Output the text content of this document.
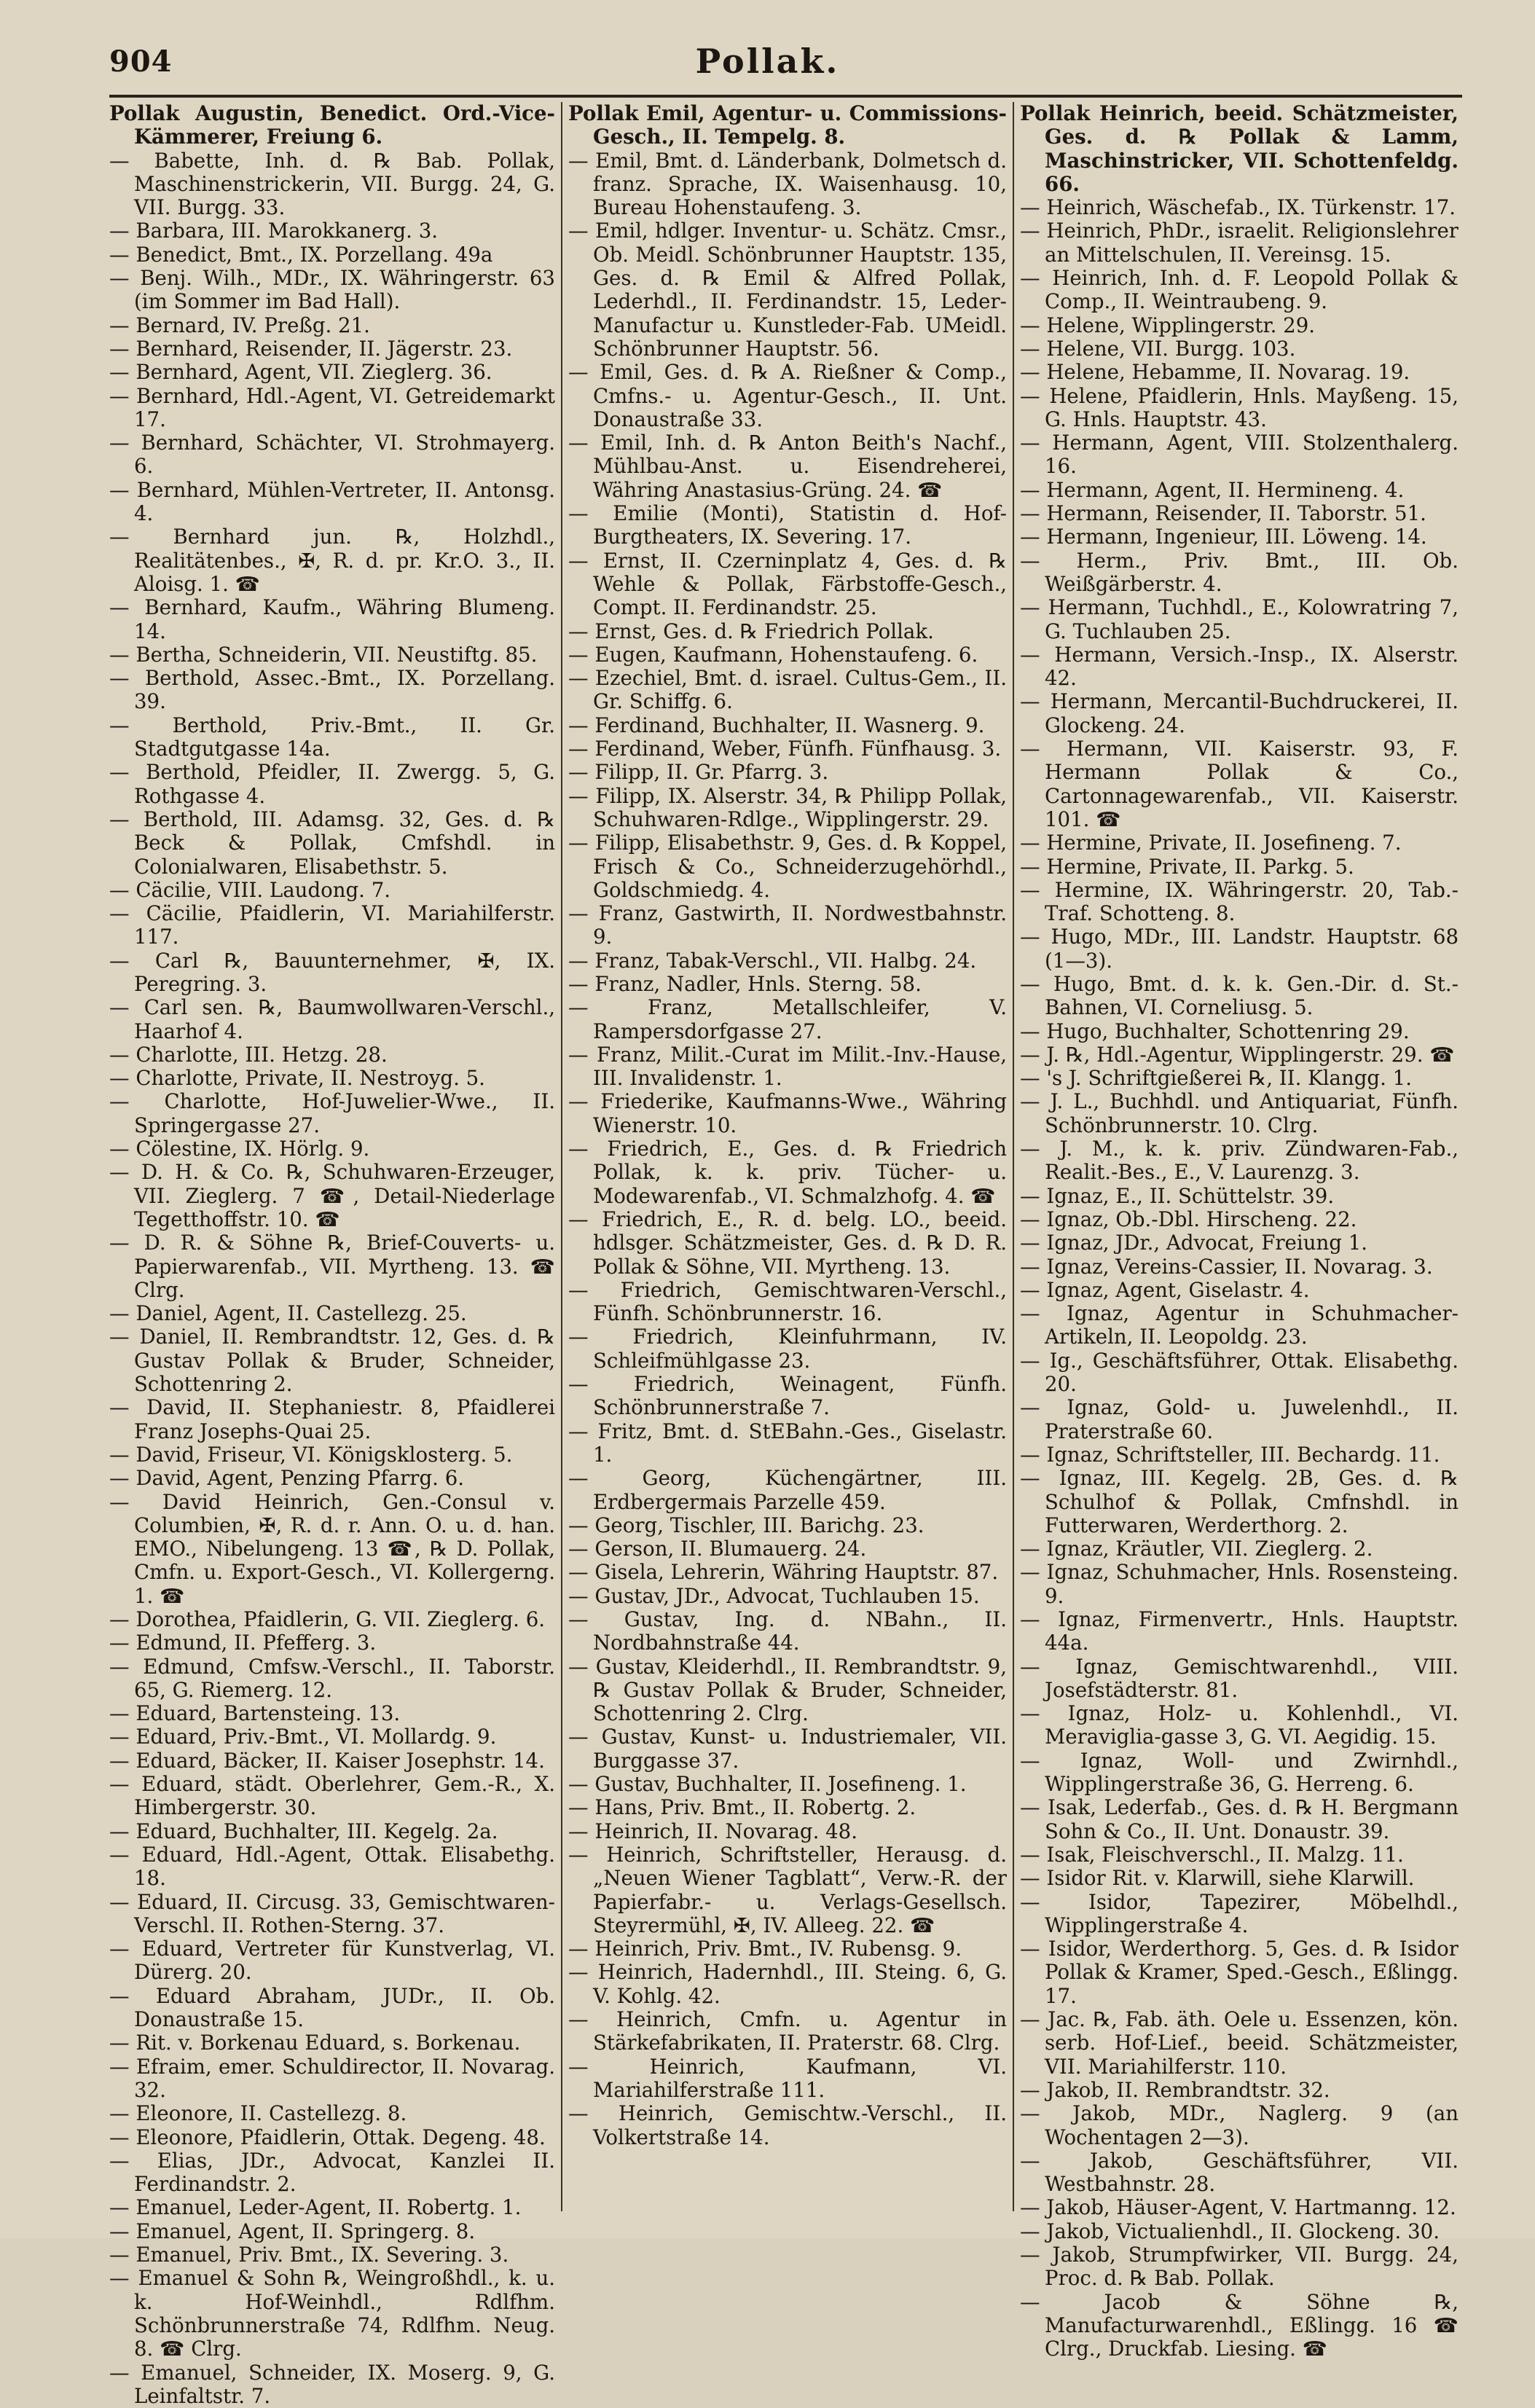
904	Pollak.

Pollak Augustin, Benedict. Ord.-Vice-Kämmerer, Freiung 6.

— Babette, Inh. d. ℞ Bab. Pollak, Maschinenstrickerin, VII. Burgg. 24, G. VII. Burgg. 33.

— Barbara, III. Marokkanerg. 3.

— Benedict, Bmt., IX. Porzellang. 49a

— Benj. Wilh., MDr., IX. Währingerstr. 63 (im Sommer im Bad Hall).

— Bernard, IV. Preßg. 21.

— Bernhard, Reisender, II. Jägerstr. 23.

— Bernhard, Agent, VII. Zieglerg. 36.

— Bernhard, Hdl.-Agent, VI. Getreidemarkt 17.

— Bernhard, Schächter, VI. Strohmayerg. 6.

— Bernhard, Mühlen-Vertreter, II. Antonsg. 4.

— Bernhard jun. ℞, Holzhdl., Realitätenbes., ✠, R. d. pr. Kr.O. 3., II. Aloisg. 1. ☎

— Bernhard, Kaufm., Währing Blumeng. 14.

— Bertha, Schneiderin, VII. Neustiftg. 85.

— Berthold, Assec.-Bmt., IX. Porzellang. 39.

— Berthold, Priv.-Bmt., II. Gr. Stadtgutgasse 14a.

— Berthold, Pfeidler, II. Zwergg. 5, G. Rothgasse 4.

— Berthold, III. Adamsg. 32, Ges. d. ℞ Beck & Pollak, Cmfshdl. in Colonialwaren, Elisabethstr. 5.

— Cäcilie, VIII. Laudong. 7.

— Cäcilie, Pfaidlerin, VI. Mariahilferstr. 117.

— Carl ℞, Bauunternehmer, ✠, IX. Peregring. 3.

— Carl sen. ℞, Baumwollwaren-Verschl., Haarhof 4.

— Charlotte, III. Hetzg. 28.

— Charlotte, Private, II. Nestroyg. 5.

— Charlotte, Hof-Juwelier-Wwe., II. Springergasse 27.

— Cölestine, IX. Hörlg. 9.

— D. H. & Co. ℞, Schuhwaren-Erzeuger, VII. Zieglerg. 7 ☎, Detail-Niederlage Tegetthoffstr. 10. ☎

— D. R. & Söhne ℞, Brief-Couverts- u. Papierwarenfab., VII. Myrtheng. 13. ☎ Clrg.

— Daniel, Agent, II. Castellezg. 25.

— Daniel, II. Rembrandtstr. 12, Ges. d. ℞ Gustav Pollak & Bruder, Schneider, Schottenring 2.

— David, II. Stephaniestr. 8, Pfaidlerei Franz Josephs-Quai 25.

— David, Friseur, VI. Königsklosterg. 5.

— David, Agent, Penzing Pfarrg. 6.

— David Heinrich, Gen.-Consul v. Columbien, ✠, R. d. r. Ann. O. u. d. han. EMO., Nibelungeng. 13 ☎, ℞ D. Pollak, Cmfn. u. Export-Gesch., VI. Kollergerng. 1. ☎

— Dorothea, Pfaidlerin, G. VII. Zieglerg. 6.

— Edmund, II. Pfefferg. 3.

— Edmund, Cmfsw.-Verschl., II. Taborstr. 65, G. Riemerg. 12.

— Eduard, Bartensteing. 13.

— Eduard, Priv.-Bmt., VI. Mollardg. 9.

— Eduard, Bäcker, II. Kaiser Josephstr. 14.

— Eduard, städt. Oberlehrer, Gem.-R., X. Himbergerstr. 30.

— Eduard, Buchhalter, III. Kegelg. 2a.

— Eduard, Hdl.-Agent, Ottak. Elisabethg. 18.

— Eduard, II. Circusg. 33, Gemischtwaren-Verschl. II. Rothen-Sterng. 37.

— Eduard, Vertreter für Kunstverlag, VI. Dürerg. 20.

— Eduard Abraham, JUDr., II. Ob. Donaustraße 15.

— Rit. v. Borkenau Eduard, s. Borkenau.

— Efraim, emer. Schuldirector, II. Novarag. 32.

— Eleonore, II. Castellezg. 8.

— Eleonore, Pfaidlerin, Ottak. Degeng. 48.

— Elias, JDr., Advocat, Kanzlei II. Ferdinandstr. 2.

— Emanuel, Leder-Agent, II. Robertg. 1.

— Emanuel, Agent, II. Springerg. 8.

— Emanuel, Priv. Bmt., IX. Severing. 3.

— Emanuel & Sohn ℞, Weingroßhdl., k. u. k. Hof-Weinhdl., Rdlfhm. Schönbrunnerstraße 74, Rdlfhm. Neug. 8. ☎ Clrg.

— Emanuel, Schneider, IX. Moserg. 9, G. Leinfaltstr. 7.

Pollak Emil, Agentur- u. Commissions-Gesch., II. Tempelg. 8.

— Emil, Bmt. d. Länderbank, Dolmetsch d. franz. Sprache, IX. Waisenhausg. 10, Bureau Hohenstaufeng. 3.

— Emil, hdlger. Inventur- u. Schätz. Cmsr., Ob. Meidl. Schönbrunner Hauptstr. 135, Ges. d. ℞ Emil & Alfred Pollak, Lederhdl., II. Ferdinandstr. 15, Leder-Manufactur u. Kunstleder-Fab. UMeidl. Schönbrunner Hauptstr. 56.

— Emil, Ges. d. ℞ A. Rießner & Comp., Cmfns.- u. Agentur-Gesch., II. Unt. Donaustraße 33.

— Emil, Inh. d. ℞ Anton Beith's Nachf., Mühlbau-Anst. u. Eisendreherei, Währing Anastasius-Grüng. 24. ☎

— Emilie (Monti), Statistin d. Hof-Burgtheaters, IX. Severing. 17.

— Ernst, II. Czerninplatz 4, Ges. d. ℞ Wehle & Pollak, Färbstoffe-Gesch., Compt. II. Ferdinandstr. 25.

— Ernst, Ges. d. ℞ Friedrich Pollak.

— Eugen, Kaufmann, Hohenstaufeng. 6.

— Ezechiel, Bmt. d. israel. Cultus-Gem., II. Gr. Schiffg. 6.

— Ferdinand, Buchhalter, II. Wasnerg. 9.

— Ferdinand, Weber, Fünfh. Fünfhausg. 3.

— Filipp, II. Gr. Pfarrg. 3.

— Filipp, IX. Alserstr. 34, ℞ Philipp Pollak, Schuhwaren-Rdlge., Wipplingerstr. 29.

— Filipp, Elisabethstr. 9, Ges. d. ℞ Koppel, Frisch & Co., Schneiderzugehörhdl., Goldschmiedg. 4.

— Franz, Gastwirth, II. Nordwestbahnstr. 9.

— Franz, Tabak-Verschl., VII. Halbg. 24.

— Franz, Nadler, Hnls. Sterng. 58.

— Franz, Metallschleifer, V. Rampersdorfgasse 27.

— Franz, Milit.-Curat im Milit.-Inv.-Hause, III. Invalidenstr. 1.

— Friederike, Kaufmanns-Wwe., Währing Wienerstr. 10.

— Friedrich, E., Ges. d. ℞ Friedrich Pollak, k. k. priv. Tücher- u. Modewarenfab., VI. Schmalzhofg. 4. ☎

— Friedrich, E., R. d. belg. LO., beeid. hdlsger. Schätzmeister, Ges. d. ℞ D. R. Pollak & Söhne, VII. Myrtheng. 13.

— Friedrich, Gemischtwaren-Verschl., Fünfh. Schönbrunnerstr. 16.

— Friedrich, Kleinfuhrmann, IV. Schleifmühlgasse 23.

— Friedrich, Weinagent, Fünfh. Schönbrunnerstraße 7.

— Fritz, Bmt. d. StEBahn.-Ges., Giselastr. 1.

— Georg, Küchengärtner, III. Erdbergermais Parzelle 459.

— Georg, Tischler, III. Barichg. 23.

— Gerson, II. Blumauerg. 24.

— Gisela, Lehrerin, Währing Hauptstr. 87.

— Gustav, JDr., Advocat, Tuchlauben 15.

— Gustav, Ing. d. NBahn., II. Nordbahnstraße 44.

— Gustav, Kleiderhdl., II. Rembrandtstr. 9, ℞ Gustav Pollak & Bruder, Schneider, Schottenring 2. Clrg.

— Gustav, Kunst- u. Industriemaler, VII. Burggasse 37.

— Gustav, Buchhalter, II. Josefineng. 1.

— Hans, Priv. Bmt., II. Robertg. 2.

— Heinrich, II. Novarag. 48.

— Heinrich, Schriftsteller, Herausg. d. „Neuen Wiener Tagblatt“, Verw.-R. der Papierfabr.- u. Verlags-Gesellsch. Steyrermühl, ✠, IV. Alleeg. 22. ☎

— Heinrich, Priv. Bmt., IV. Rubensg. 9.

— Heinrich, Hadernhdl., III. Steing. 6, G. V. Kohlg. 42.

— Heinrich, Cmfn. u. Agentur in Stärkefabrikaten, II. Praterstr. 68. Clrg.

— Heinrich, Kaufmann, VI. Mariahilferstraße 111.

— Heinrich, Gemischtw.-Verschl., II. Volkertstraße 14.

Pollak Heinrich, beeid. Schätzmeister, Ges. d. ℞ Pollak & Lamm, Maschinstricker, VII. Schottenfeldg. 66.

— Heinrich, Wäschefab., IX. Türkenstr. 17.

— Heinrich, PhDr., israelit. Religionslehrer an Mittelschulen, II. Vereinsg. 15.

— Heinrich, Inh. d. F. Leopold Pollak & Comp., II. Weintraubeng. 9.

— Helene, Wipplingerstr. 29.

— Helene, VII. Burgg. 103.

— Helene, Hebamme, II. Novarag. 19.

— Helene, Pfaidlerin, Hnls. Mayßeng. 15, G. Hnls. Hauptstr. 43.

— Hermann, Agent, VIII. Stolzenthalerg. 16.

— Hermann, Agent, II. Hermineng. 4.

— Hermann, Reisender, II. Taborstr. 51.

— Hermann, Ingenieur, III. Löweng. 14.

— Herm., Priv. Bmt., III. Ob. Weißgärberstr. 4.

— Hermann, Tuchhdl., E., Kolowratring 7, G. Tuchlauben 25.

— Hermann, Versich.-Insp., IX. Alserstr. 42.

— Hermann, Mercantil-Buchdruckerei, II. Glockeng. 24.

— Hermann, VII. Kaiserstr. 93, F. Hermann Pollak & Co., Cartonnagewarenfab., VII. Kaiserstr. 101. ☎

— Hermine, Private, II. Josefineng. 7.

— Hermine, Private, II. Parkg. 5.

— Hermine, IX. Währingerstr. 20, Tab.-Traf. Schotteng. 8.

— Hugo, MDr., III. Landstr. Hauptstr. 68 (1—3).

— Hugo, Bmt. d. k. k. Gen.-Dir. d. St.-Bahnen, VI. Corneliusg. 5.

— Hugo, Buchhalter, Schottenring 29.

— J. ℞, Hdl.-Agentur, Wipplingerstr. 29. ☎

— 's J. Schriftgießerei ℞, II. Klangg. 1.

— J. L., Buchhdl. und Antiquariat, Fünfh. Schönbrunnerstr. 10. Clrg.

— J. M., k. k. priv. Zündwaren-Fab., Realit.-Bes., E., V. Laurenzg. 3.

— Ignaz, E., II. Schüttelstr. 39.

— Ignaz, Ob.-Dbl. Hirscheng. 22.

— Ignaz, JDr., Advocat, Freiung 1.

— Ignaz, Vereins-Cassier, II. Novarag. 3.

— Ignaz, Agent, Giselastr. 4.

— Ignaz, Agentur in Schuhmacher-Artikeln, II. Leopoldg. 23.

— Ig., Geschäftsführer, Ottak. Elisabethg. 20.

— Ignaz, Gold- u. Juwelenhdl., II. Praterstraße 60.

— Ignaz, Schriftsteller, III. Bechardg. 11.

— Ignaz, III. Kegelg. 2B, Ges. d. ℞ Schulhof & Pollak, Cmfnshdl. in Futterwaren, Werderthorg. 2.

— Ignaz, Kräutler, VII. Zieglerg. 2.

— Ignaz, Schuhmacher, Hnls. Rosensteing. 9.

— Ignaz, Firmenvertr., Hnls. Hauptstr. 44a.

— Ignaz, Gemischtwarenhdl., VIII. Josefstädterstr. 81.

— Ignaz, Holz- u. Kohlenhdl., VI. Meraviglia-gasse 3, G. VI. Aegidig. 15.

— Ignaz, Woll- und Zwirnhdl., Wipplingerstraße 36, G. Herreng. 6.

— Isak, Lederfab., Ges. d. ℞ H. Bergmann Sohn & Co., II. Unt. Donaustr. 39.

— Isak, Fleischverschl., II. Malzg. 11.

— Isidor Rit. v. Klarwill, siehe Klarwill.

— Isidor, Tapezirer, Möbelhdl., Wipplingerstraße 4.

— Isidor, Werderthorg. 5, Ges. d. ℞ Isidor Pollak & Kramer, Sped.-Gesch., Eßlingg. 17.

— Jac. ℞, Fab. äth. Oele u. Essenzen, kön. serb. Hof-Lief., beeid. Schätzmeister, VII. Mariahilferstr. 110.

— Jakob, II. Rembrandtstr. 32.

— Jakob, MDr., Naglerg. 9 (an Wochentagen 2—3).

— Jakob, Geschäftsführer, VII. Westbahnstr. 28.

— Jakob, Häuser-Agent, V. Hartmanng. 12.

— Jakob, Victualienhdl., II. Glockeng. 30.

— Jakob, Strumpfwirker, VII. Burgg. 24, Proc. d. ℞ Bab. Pollak.

— Jacob & Söhne ℞, Manufacturwarenhdl., Eßlingg. 16 ☎ Clrg., Druckfab. Liesing. ☎
